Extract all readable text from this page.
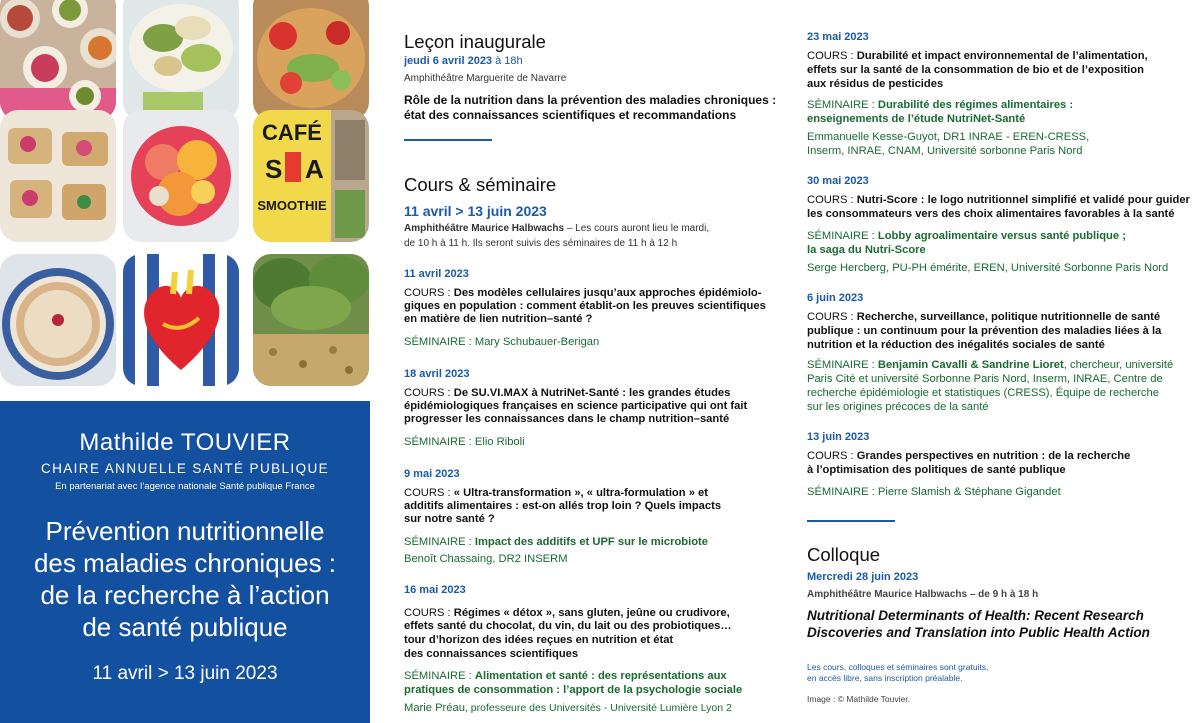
CAFÉ
S A
SMOOTHIE
Mathilde TOUVIER
CHAIRE ANNUELLE SANTÉ PUBLIQUE
En partenariat avec l’agence nationale Santé publique France
Prévention nutritionnelle
des maladies chroniques :
de la recherche à l’action
de santé publique
11 avril > 13 juin 2023
Leçon inaugurale
jeudi 6 avril 2023 à 18h
Amphithéâtre Marguerite de Navarre
Rôle de la nutrition dans la prévention des maladies chroniques :
état des connaissances scientifiques et recommandations
Cours & séminaire
11 avril > 13 juin 2023
Amphithéâtre Maurice Halbwachs – Les cours auront lieu le mardi,
de 10 h à 11 h. Ils seront suivis des séminaires de 11 h à 12 h
11 avril 2023
COURS : Des modèles cellulaires jusqu’aux approches épidémiolo-
giques en population : comment établit-on les preuves scientifiques
en matière de lien nutrition–santé ?
SÉMINAIRE : Mary Schubauer-Berigan
18 avril 2023
COURS : De SU.VI.MAX à NutriNet-Santé : les grandes études
épidémiologiques françaises en science participative qui ont fait
progresser les connaissances dans le champ nutrition–santé
SÉMINAIRE : Elio Riboli
9 mai 2023
COURS : « Ultra-transformation », « ultra-formulation » et
additifs alimentaires : est-on allés trop loin ? Quels impacts
sur notre santé ?
SÉMINAIRE : Impact des additifs et UPF sur le microbiote
Benoît Chassaing, DR2 INSERM
16 mai 2023
COURS : Régimes « détox », sans gluten, jeûne ou crudivore,
effets santé du chocolat, du vin, du lait ou des probiotiques…
tour d’horizon des idées reçues en nutrition et état
des connaissances scientifiques
SÉMINAIRE : Alimentation et santé : des représentations aux
pratiques de consommation : l’apport de la psychologie sociale
Marie Préau, professeure des Universités - Université Lumière Lyon 2
23 mai 2023
COURS : Durabilité et impact environnemental de l’alimentation,
effets sur la santé de la consommation de bio et de l’exposition
aux résidus de pesticides
SÉMINAIRE : Durabilité des régimes alimentaires :
enseignements de l’étude NutriNet-Santé
Emmanuelle Kesse-Guyot, DR1 INRAE - EREN-CRESS,
Inserm, INRAE, CNAM, Université sorbonne Paris Nord
30 mai 2023
COURS : Nutri-Score : le logo nutritionnel simplifié et validé pour guider
les consommateurs vers des choix alimentaires favorables à la santé
SÉMINAIRE : Lobby agroalimentaire versus santé publique ;
la saga du Nutri-Score
Serge Hercberg, PU-PH émérite, EREN, Université Sorbonne Paris Nord
6 juin 2023
COURS : Recherche, surveillance, politique nutritionnelle de santé
publique : un continuum pour la prévention des maladies liées à la
nutrition et la réduction des inégalités sociales de santé
SÉMINAIRE : Benjamin Cavalli & Sandrine Lioret, chercheur, université
Paris Cité et université Sorbonne Paris Nord, Inserm, INRAE, Centre de
recherche épidémiologie et statistiques (CRESS), Équipe de recherche
sur les origines précoces de la santé
13 juin 2023
COURS : Grandes perspectives en nutrition : de la recherche
à l’optimisation des politiques de santé publique
SÉMINAIRE : Pierre Slamish & Stéphane Gigandet
Colloque
Mercredi 28 juin 2023
Amphithéâtre Maurice Halbwachs – de 9 h à 18 h
Nutritional Determinants of Health: Recent Research
Discoveries and Translation into Public Health Action
Les cours, colloques et séminaires sont gratuits,
en accès libre, sans inscription préalable.
Image : © Mathilde Touvier.
